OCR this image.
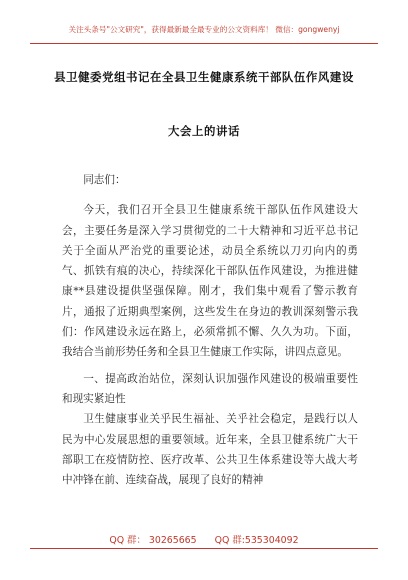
关注头条号"公文研究"，获得最新最全最专业的公文资料库！ 微信：gongwenyj
县卫健委党组书记在全县卫生健康系统干部队伍作风建设
大会上的讲话

同志们：

今天，我们召开全县卫生健康系统干部队伍作风建设大会，主要任务是深入学习贯彻党的二十大精神和习近平总书记关于全面从严治党的重要论述，动员全系统以刀刃向内的勇气、抓铁有痕的决心，持续深化干部队伍作风建设，为推进健康**县建设提供坚强保障。刚才，我们集中观看了警示教育片，通报了近期典型案例，这些发生在身边的教训深刻警示我们：作风建设永远在路上，必须常抓不懈、久久为功。下面，我结合当前形势任务和全县卫生健康工作实际，讲四点意见。

一、提高政治站位，深刻认识加强作风建设的极端重要性和现实紧迫性

卫生健康事业关乎民生福祉、关乎社会稳定，是践行以人民为中心发展思想的重要领域。近年来，全县卫健系统广大干部职工在疫情防控、医疗改革、公共卫生体系建设等大战大考中冲锋在前、连续奋战，展现了良好的精神

QQ 群： 30265665 QQ 群:535304092
